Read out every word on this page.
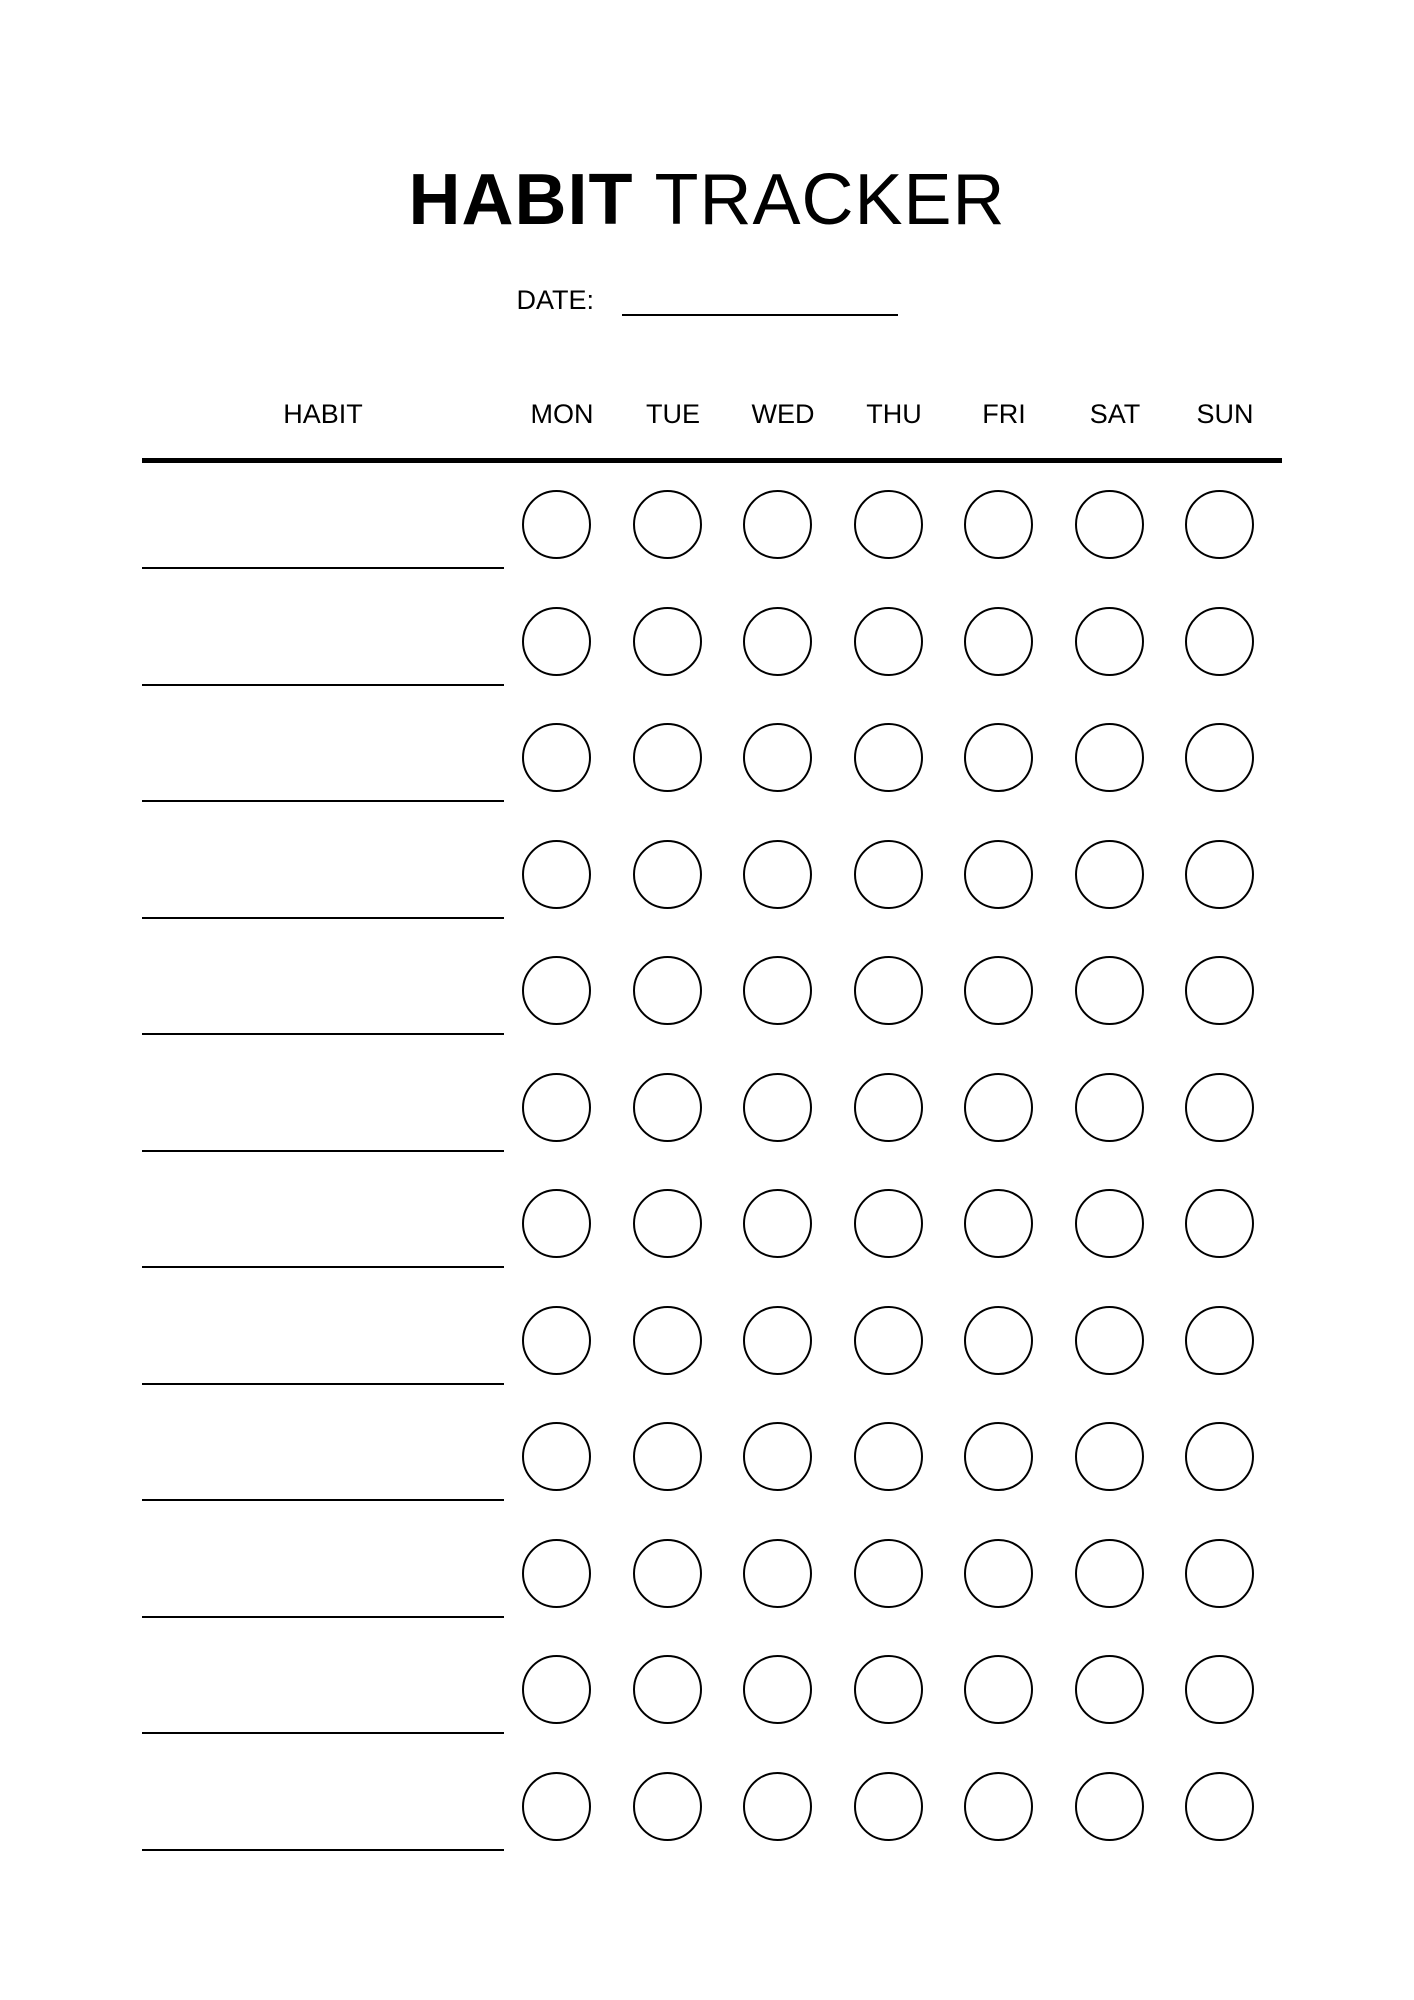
HABIT TRACKER
DATE:
HABIT	MON	TUE	WED	THU	FRI	SAT	SUN
